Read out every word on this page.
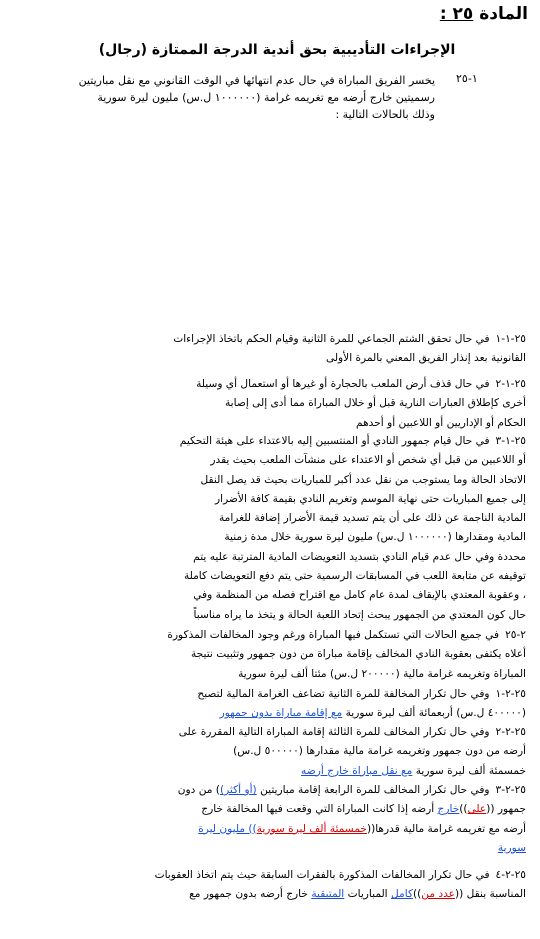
المادة ٢٥ :
الإجراءات التأديبية بحق أندية الدرجة الممتازة (رجال)
١-٢٥

يخسر الفريق المباراة في حال عدم انتهائها في الوقت القانوني مع نقل مباريتين

رسميتين خارج أرضه مع تغريمه غرامة (١٠٠٠٠٠٠ ل.س) مليون ليرة سورية

وذلك بالحالات التالية :

٢٥-١-١في حال تحقق الشتم الجماعي للمرة الثانية وقيام الحكم باتخاذ الإجراءات

القانونية بعد إنذار الفريق المعني بالمرة الأولى

٢٥-١-٢في حال قذف أرض الملعب بالحجارة أو غيرها أو استعمال أي وسيلة

أخرى كإطلاق العبارات النارية قبل أو خلال المباراة مما أدى إلى إصابة

الحكام أو الإداريين أو اللاعبين أو أحدهم

٢٥-١-٣في حال قيام جمهور النادي أو المنتسبين إليه بالاعتداء على هيئة التحكيم

أو اللاعبين من قبل أي شخص أو الاعتداء على منشآت الملعب بحيث يقدر

الاتحاد الحالة وما يستوجب من نقل عدد أكبر للمباريات بحيث قد يصل النقل

إلى جميع المباريات حتى نهاية الموسم وتغريم النادي بقيمة كافة الأضرار

المادية الناجمة عن ذلك على أن يتم تسديد قيمة الأضرار إضافة للغرامة

المادية ومقدارها (١٠٠٠٠٠٠ ل.س) مليون ليرة سورية خلال مدة زمنية

محددة وفي حال عدم قيام النادي بتسديد التعويضات المادية المترتبة عليه يتم

توقيفه عن متابعة اللعب في المسابقات الرسمية حتى يتم دفع التعويضات كاملة

، وعقوبة المعتدي بالإيقاف لمدة عام كامل مع اقتراح فصله من المنظمة وفي

حال كون المعتدي من الجمهور يبحث إتحاد اللعبة الحالة و يتخذ ما يراه مناسباً

٢-٢٥في جميع الحالات التي تستكمل فيها المباراة ورغم وجود المخالفات المذكورة

أعلاه يكتفى بعقوبة النادي المخالف بإقامة مباراة من دون جمهور وتثبيت نتيجة

المباراة وتغريمه غرامة مالية (٢٠٠٠٠٠ ل.س) مئتا ألف ليرة سورية

٢٥-٢-١وفي حال تكرار المخالفة للمرة الثانية تضاعف الغرامة المالية لتصبح

(٤٠٠٠٠٠ ل.س) أربعمائة ألف ليرة سورية مع إقامة مباراة بدون جمهور

٢٥-٢-٢وفي حال تكرار المخالف للمرة الثالثة إقامة المباراة التالية المقررة على

أرضه من دون جمهور وتغريمه غرامة مالية مقدارها (٥٠٠٠٠٠ ل.س)

خمسمئة ألف ليرة سورية مع نقل مباراة خارج أرضه

٢٥-٢-٣وفي حال تكرار المخالف للمرة الرابعة إقامة مباريتين (أو أكثر)) من دون

جمهور ((على))خارج أرضه إذا كانت المباراة التي وقعت فيها المخالفة خارج

أرضه مع تغريمه غرامة مالية قدرها((خمسمئة ألف ليرة سورية)) مليون ليرة

سورية

٢٥-٢-٤في حال تكرار المخالفات المذكورة بالفقرات السابقة حيث يتم اتخاذ العقوبات

المناسبة بنقل ((عدد من))كامل المباريات المتبقية خارج أرضه بدون جمهور مع
